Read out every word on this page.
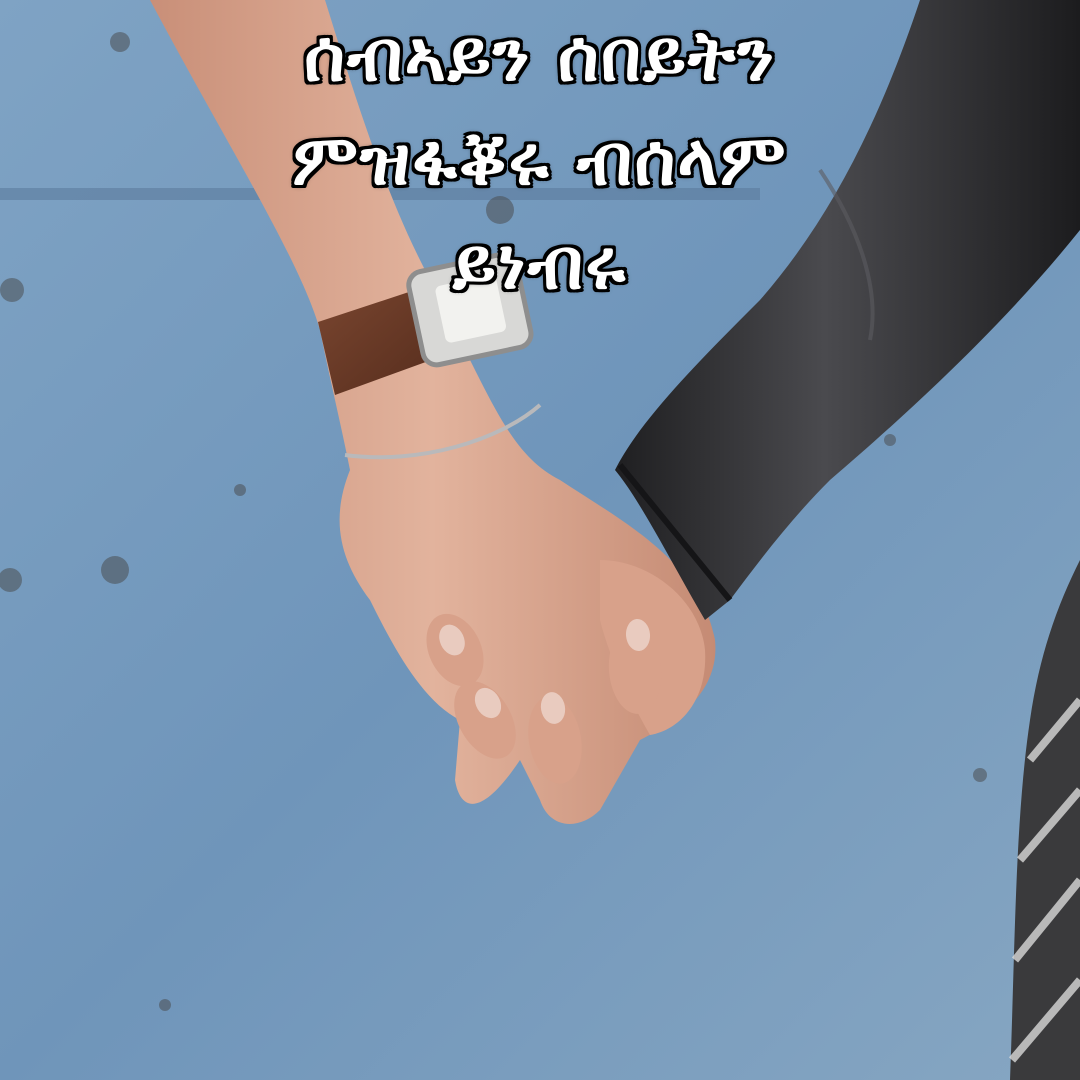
ሰብኣይን ሰበይትን
ምዝፋቖሩ ብሰላም
ይነብሩ
